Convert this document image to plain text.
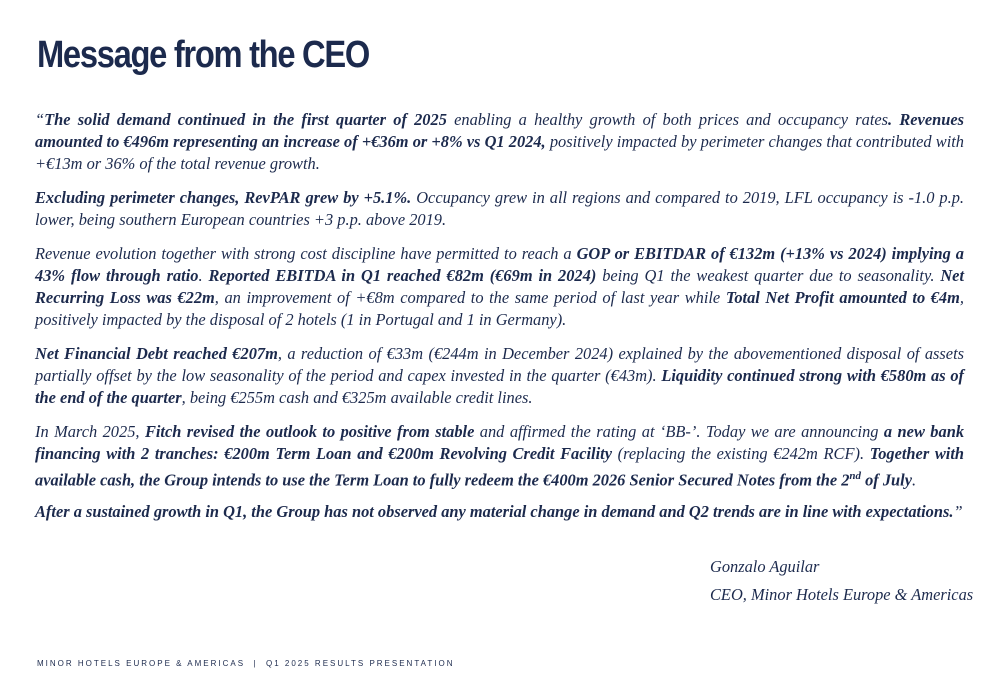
Message from the CEO

“The solid demand continued in the first quarter of 2025 enabling a healthy growth of both prices and occupancy rates. Revenues amounted to €496m representing an increase of +€36m or +8% vs Q1 2024, positively impacted by perimeter changes that contributed with +€13m or 36% of the total revenue growth.

Excluding perimeter changes, RevPAR grew by +5.1%. Occupancy grew in all regions and compared to 2019, LFL occupancy is -1.0 p.p. lower, being southern European countries +3 p.p. above 2019.

Revenue evolution together with strong cost discipline have permitted to reach a GOP or EBITDAR of €132m (+13% vs 2024) implying a 43% flow through ratio. Reported EBITDA in Q1 reached €82m (€69m in 2024) being Q1 the weakest quarter due to seasonality. Net Recurring Loss was €22m, an improvement of +€8m compared to the same period of last year while Total Net Profit amounted to €4m, positively impacted by the disposal of 2 hotels (1 in Portugal and 1 in Germany).

Net Financial Debt reached €207m, a reduction of €33m (€244m in December 2024) explained by the abovementioned disposal of assets partially offset by the low seasonality of the period and capex invested in the quarter (€43m). Liquidity continued strong with €580m as of the end of the quarter, being €255m cash and €325m available credit lines.

In March 2025, Fitch revised the outlook to positive from stable and affirmed the rating at ‘BB-’. Today we are announcing a new bank financing with 2 tranches: €200m Term Loan and €200m Revolving Credit Facility (replacing the existing €242m RCF). Together with available cash, the Group intends to use the Term Loan to fully redeem the €400m 2026 Senior Secured Notes from the 2nd of July.

After a sustained growth in Q1, the Group has not observed any material change in demand and Q2 trends are in line with expectations.”

Gonzalo Aguilar
CEO, Minor Hotels Europe & Americas
MINOR HOTELS EUROPE & AMERICAS  |  Q1 2025 RESULTS PRESENTATION
